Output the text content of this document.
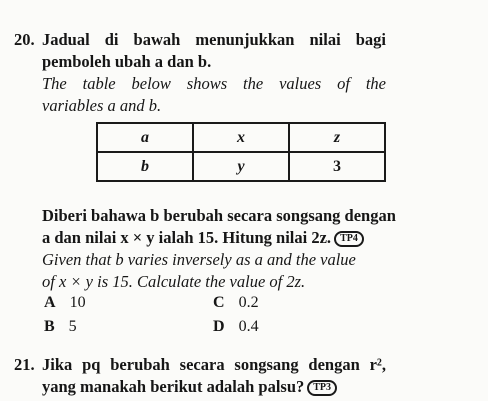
20. Jadual di bawah menunjukkan nilai bagi
pemboleh ubah a dan b.
The table below shows the values of the
variables a and b.
a	x	z
b	y	3
Diberi bahawa b berubah secara songsang dengan
a dan nilai x × y ialah 15. Hitung nilai 2z. TP4
Given that b varies inversely as a and the value
of x × y is 15. Calculate the value of 2z.
A 10
B 5
C 0.2
D 0.4
21. Jika pq berubah secara songsang dengan r²,
yang manakah berikut adalah palsu? TP3
